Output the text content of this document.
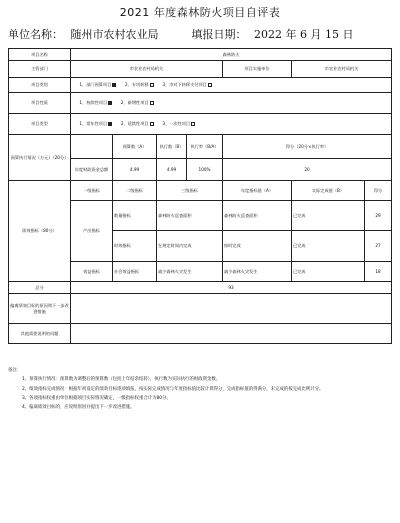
2021 年度森林防火项目自评表
单位名称： 随州市农村农业局	填报日期： 2022 年 6 月 15 日
项目名称	森林防火						
主管部门	市农业农村局机关				项目实施单位	市农业农村局机关	
项目类别	1、部门预算项目 2、专项转移 3、市对下转移支付项目						
项目性质	1、持续性项目 2、新增性项目						
项目类型	1、常年性项目 2、延续性项目 3、一次性项目						
预算执行情况（万元）（20分）		预算数（A）	执行数（B）	执行率（B/A）	得分（20分×执行率）		
	年度财政资金总额	4.99	4.99	100%	20		
绩效指标（80分）	一级指标	二级指标	三级指标		年度指标值（A）	实际完成值（B）	得分
	产出指标	数量指标	森林防火巡查面积		森林防火巡查面积	已完成	29
		时效指标	在规定时间内完成		按时完成	已完成	27
	效益指标	社会效益指标	减少森林火灾发生		减少森林火灾发生	已完成	18
总分	93						
偏离绩效目标的原因和下一步改进措施							
其他需要说明的问题							

备注：

1、预算执行情况：预算数为调整后的预算数（包括上年结余结转），执行数为实际执行的财政资金数。

2、绩效指标完成情况：根据年初设定的绩效目标逐项填报，按实际完成情况与年度指标值比较计算得分，完成指标值的得满分，未完成的按完成比例计分。

3、各项指标权重由单位根据项目实际情况确定，一级指标权重合计为80分。

4、偏离绩效目标的，应说明原因并提出下一步改进措施。
